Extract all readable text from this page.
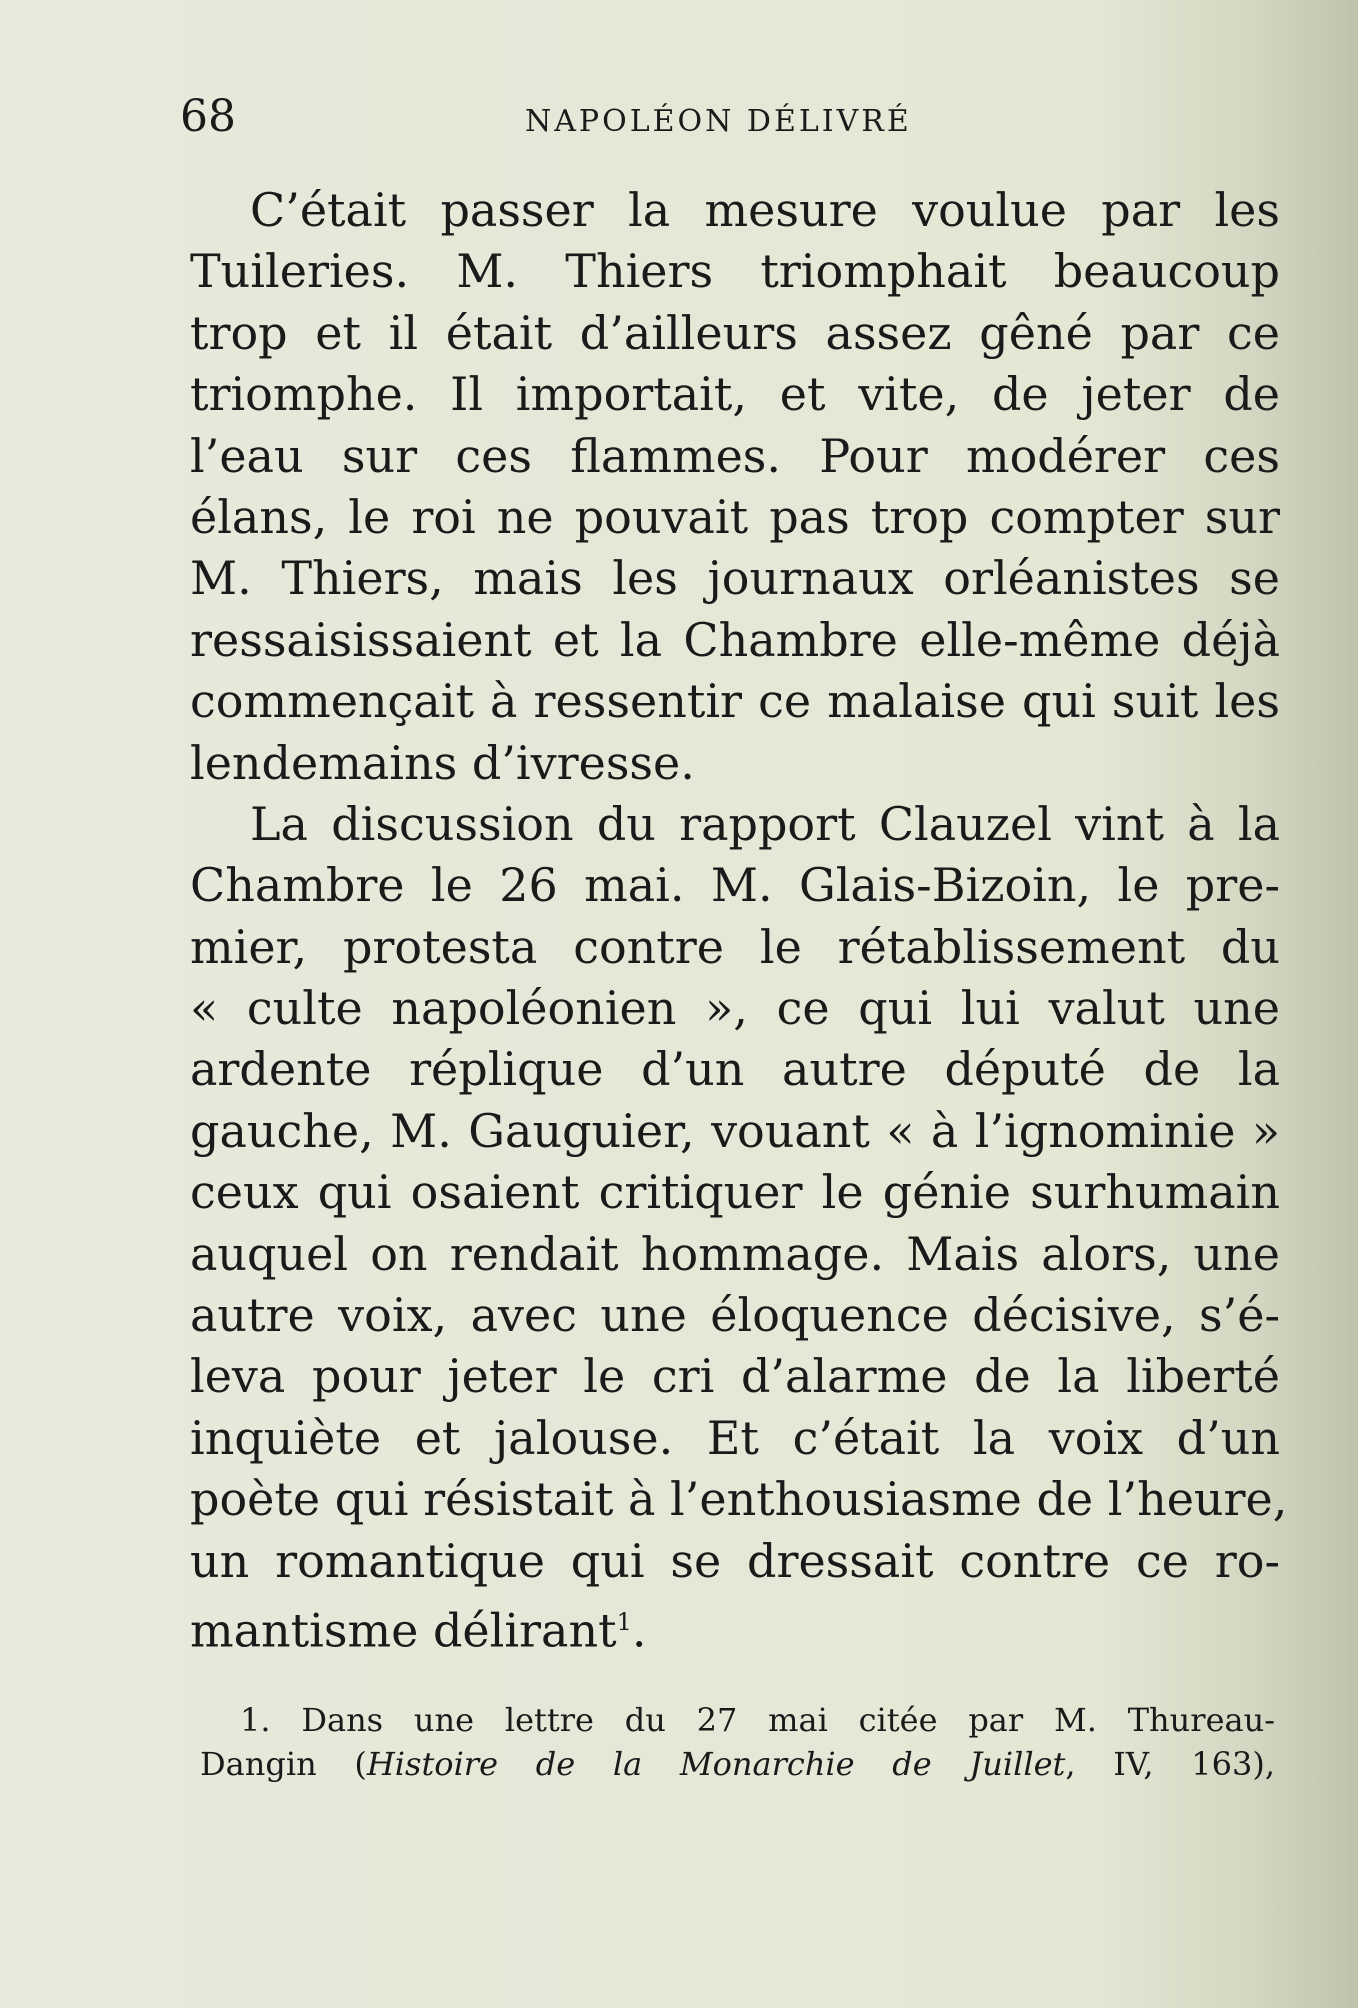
68	NAPOLÉON DÉLIVRÉ
C’était passer la mesure voulue par les
Tuileries. M. Thiers triomphait beaucoup
trop et il était d’ailleurs assez gêné par ce
triomphe. Il importait, et vite, de jeter de
l’eau sur ces flammes. Pour modérer ces
élans, le roi ne pouvait pas trop compter sur
M. Thiers, mais les journaux orléanistes se
ressaisissaient et la Chambre elle-même déjà
commençait à ressentir ce malaise qui suit les
lendemains d’ivresse.
La discussion du rapport Clauzel vint à la
Chambre le 26 mai. M. Glais-Bizoin, le pre-
mier, protesta contre le rétablissement du
« culte napoléonien », ce qui lui valut une
ardente réplique d’un autre député de la
gauche, M. Gauguier, vouant « à l’ignominie »
ceux qui osaient critiquer le génie surhumain
auquel on rendait hommage. Mais alors, une
autre voix, avec une éloquence décisive, s’é-
leva pour jeter le cri d’alarme de la liberté
inquiète et jalouse. Et c’était la voix d’un
poète qui résistait à l’enthousiasme de l’heure,
un romantique qui se dressait contre ce ro-
mantisme délirant$^1$.
1. Dans une lettre du 27 mai citée par M. Thureau-
Dangin (Histoire de la Monarchie de Juillet, IV, 163),
